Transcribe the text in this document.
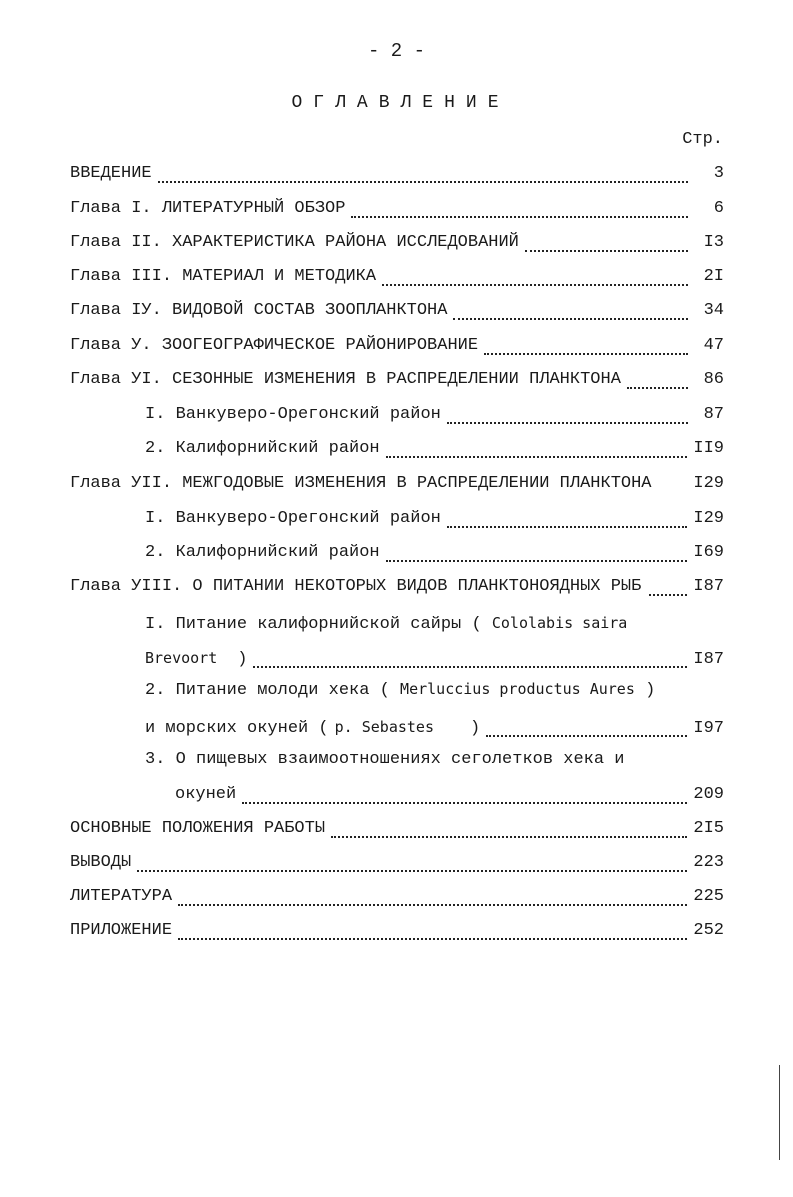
- 2 -
ОГЛАВЛЕНИЕ
Стр.
ВВЕДЕНИЕ	3
Глава I. ЛИТЕРАТУРНЫЙ ОБЗОР	6
Глава II. ХАРАКТЕРИСТИКА РАЙОНА ИССЛЕДОВАНИЙ	I3
Глава III. МАТЕРИАЛ И МЕТОДИКА	2I
Глава IУ. ВИДОВОЙ СОСТАВ ЗООПЛАНКТОНА	34
Глава У. ЗООГЕОГРАФИЧЕСКОЕ РАЙОНИРОВАНИЕ	47
Глава УI. СЕЗОННЫЕ ИЗМЕНЕНИЯ В РАСПРЕДЕЛЕНИИ ПЛАНКТОНА	86
I. Ванкуверо-Орегонский район	87
2. Калифорнийский район	II9
Глава УII. МЕЖГОДОВЫЕ ИЗМЕНЕНИЯ В РАСПРЕДЕЛЕНИИ ПЛАНКТОНА I29
I. Ванкуверо-Орегонский район	I29
2. Калифорнийский район	I69
Глава УIII. О ПИТАНИИ НЕКОТОРЫХ ВИДОВ ПЛАНКТОНОЯДНЫХ РЫБ	I87
I. Питание калифорнийской сайры ( Cololabis saira
Brevoort )	I87
2. Питание молоди хека ( Merluccius productus Aures )
и морских окуней ( p. Sebastes )	I97
3. О пищевых взаимоотношениях сеголетков хека и
окуней	209
ОСНОВНЫЕ ПОЛОЖЕНИЯ РАБОТЫ	2I5
ВЫВОДЫ	223
ЛИТЕРАТУРА	225
ПРИЛОЖЕНИЕ	252
